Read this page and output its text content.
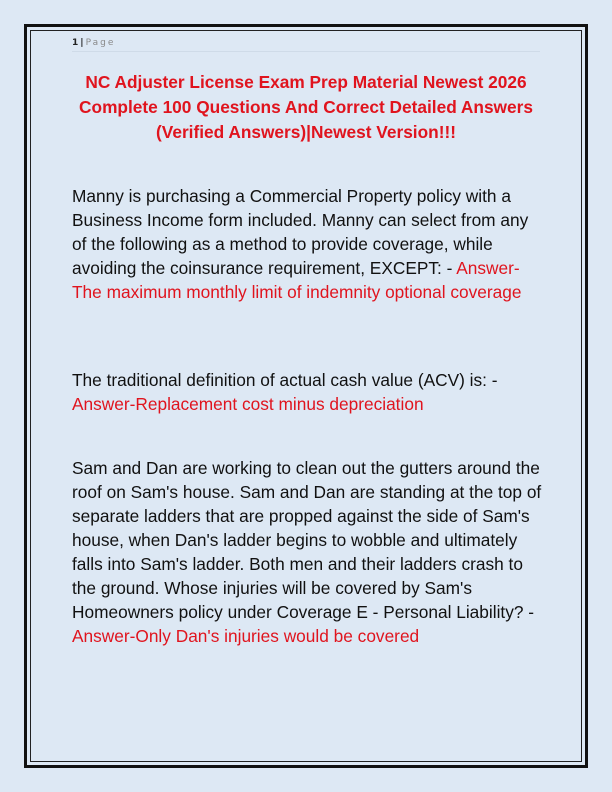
1 | Page
NC Adjuster License Exam Prep Material Newest 2026 Complete 100 Questions And Correct Detailed Answers (Verified Answers)|Newest Version!!!
Manny is purchasing a Commercial Property policy with a Business Income form included. Manny can select from any of the following as a method to provide coverage, while avoiding the coinsurance requirement, EXCEPT: - Answer-The maximum monthly limit of indemnity optional coverage
The traditional definition of actual cash value (ACV) is: - Answer-Replacement cost minus depreciation
Sam and Dan are working to clean out the gutters around the roof on Sam's house. Sam and Dan are standing at the top of separate ladders that are propped against the side of Sam's house, when Dan's ladder begins to wobble and ultimately falls into Sam's ladder. Both men and their ladders crash to the ground. Whose injuries will be covered by Sam's Homeowners policy under Coverage E - Personal Liability? - Answer-Only Dan's injuries would be covered
